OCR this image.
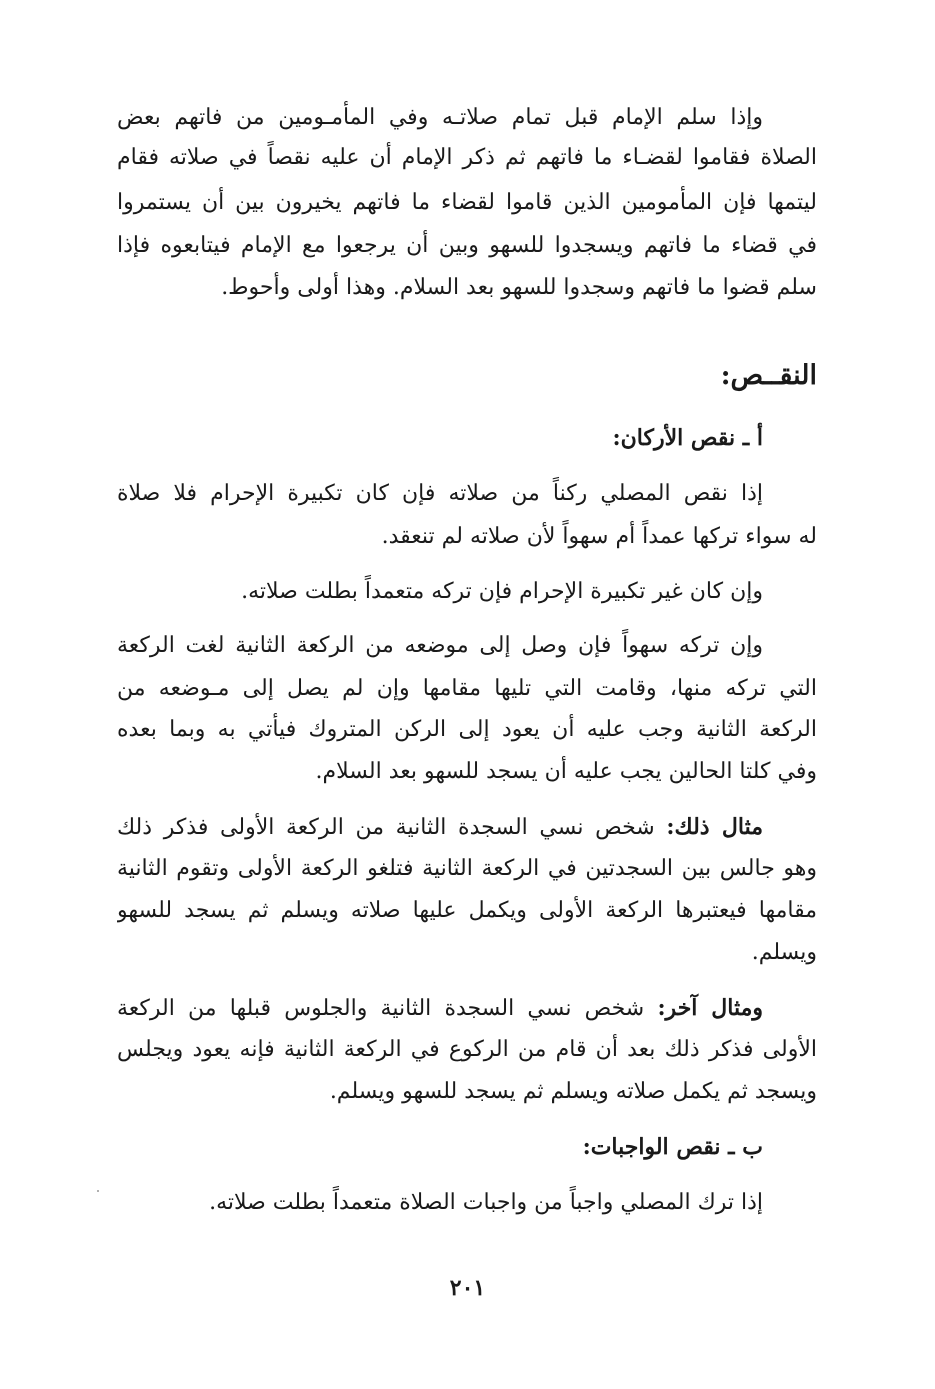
وإذا سلم الإمام قبل تمام صلاتـه وفي المأمـومين من فاتهم بعض
الصلاة فقاموا لقضـاء ما فاتهم ثم ذكر الإمام أن عليه نقصاً في صلاته فقام
ليتمها فإن المأمومين الذين قاموا لقضاء ما فاتهم يخيرون بين أن يستمروا
في قضاء ما فاتهم ويسجدوا للسهو وبين أن يرجعوا مع الإمام فيتابعوه فإذا
سلم قضوا ما فاتهم وسجدوا للسهو بعد السلام. وهذا أولى وأحوط.
النقــص:
أ ـ نقص الأركان:
إذا نقص المصلي ركناً من صلاته فإن كان تكبيرة الإحرام فلا صلاة
له سواء تركها عمداً أم سهواً لأن صلاته لم تنعقد.
وإن كان غير تكبيرة الإحرام فإن تركه متعمداً بطلت صلاته.
وإن تركه سهواً فإن وصل إلى موضعه من الركعة الثانية لغت الركعة
التي تركه منها، وقامت التي تليها مقامها وإن لم يصل إلى مـوضعه من
الركعة الثانية وجب عليه أن يعود إلى الركن المتروك فيأتي به وبما بعده
وفي كلتا الحالين يجب عليه أن يسجد للسهو بعد السلام.
مثال ذلك: شخص نسي السجدة الثانية من الركعة الأولى فذكر ذلك
وهو جالس بين السجدتين في الركعة الثانية فتلغو الركعة الأولى وتقوم الثانية
مقامها فيعتبرها الركعة الأولى ويكمل عليها صلاته ويسلم ثم يسجد للسهو
ويسلم.
ومثال آخر: شخص نسي السجدة الثانية والجلوس قبلها من الركعة
الأولى فذكر ذلك بعد أن قام من الركوع في الركعة الثانية فإنه يعود ويجلس
ويسجد ثم يكمل صلاته ويسلم ثم يسجد للسهو ويسلم.
ب ـ نقص الواجبات:
إذا ترك المصلي واجباً من واجبات الصلاة متعمداً بطلت صلاته.
٢٠١
